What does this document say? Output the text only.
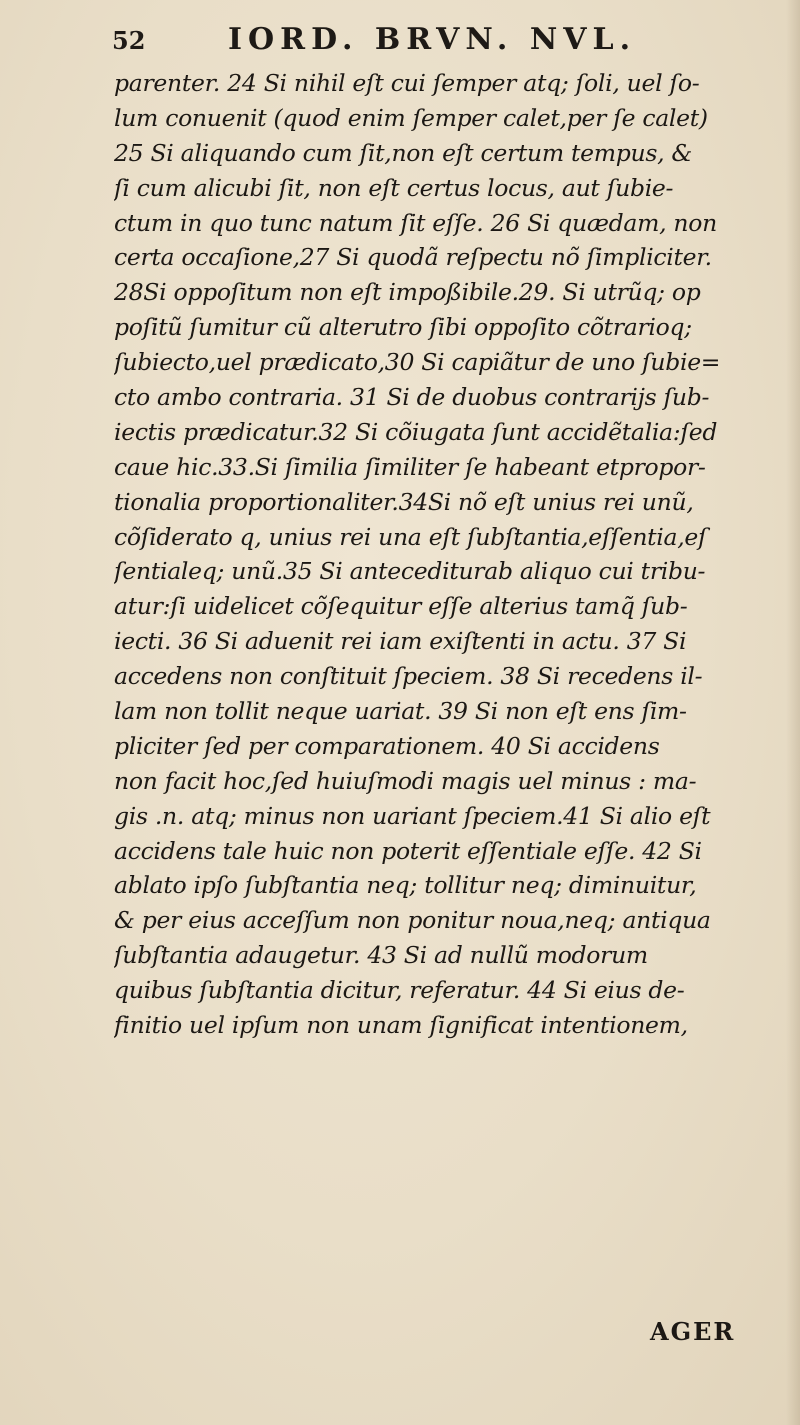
52	IORD. BRVN. NVL.
parenter. 24 Si nihil eſt cui ſemper atq; ſoli, uel ſo-
lum conuenit (quod enim ſemper calet,per ſe calet)
25 Si aliquando cum ſit,non eſt certum tempus, &
ſi cum alicubi ſit, non eſt certus locus, aut ſubie-
ctum in quo tunc natum ſit eſſe. 26 Si quædam, non
certa occaſione,27 Si quodã reſpectu nõ ſimpliciter.
28Si oppoſitum non eſt impoßibile.29. Si utrũq; op
poſitũ ſumitur cũ alterutro ſibi oppoſito cõtrarioq;
ſubiecto,uel prædicato,30 Si capiãtur de uno ſubie=
cto ambo contraria. 31 Si de duobus contrarijs ſub-
iectis prædicatur.32 Si cõiugata ſunt accidẽtalia:ſed
caue hic.33.Si ſimilia ſimiliter ſe habeant etpropor-
tionalia proportionaliter.34Si nõ eſt unius rei unũ,
cõſiderato q, unius rei una eſt ſubſtantia,eſſentia,eſ
ſentialeq; unũ.35 Si antecediturab aliquo cui tribu-
atur:ſi uidelicet cõſequitur eſſe alterius tamq̃ ſub-
iecti. 36 Si aduenit rei iam exiſtenti in actu. 37 Si
accedens non conſtituit ſpeciem. 38 Si recedens il-
lam non tollit neque uariat. 39 Si non eſt ens ſim-
pliciter ſed per comparationem. 40 Si accidens
non facit hoc,ſed huiuſmodi magis uel minus : ma-
gis .n. atq; minus non uariant ſpeciem.41 Si alio eſt
accidens tale huic non poterit eſſentiale eſſe. 42 Si
ablato ipſo ſubſtantia neq; tollitur neq; diminuitur,
& per eius acceſſum non ponitur noua,neq; antiqua
ſubſtantia adaugetur. 43 Si ad nullũ modorum
quibus ſubſtantia dicitur, referatur. 44 Si eius de-
finitio uel ipſum non unam ſignificat intentionem,
AGER
